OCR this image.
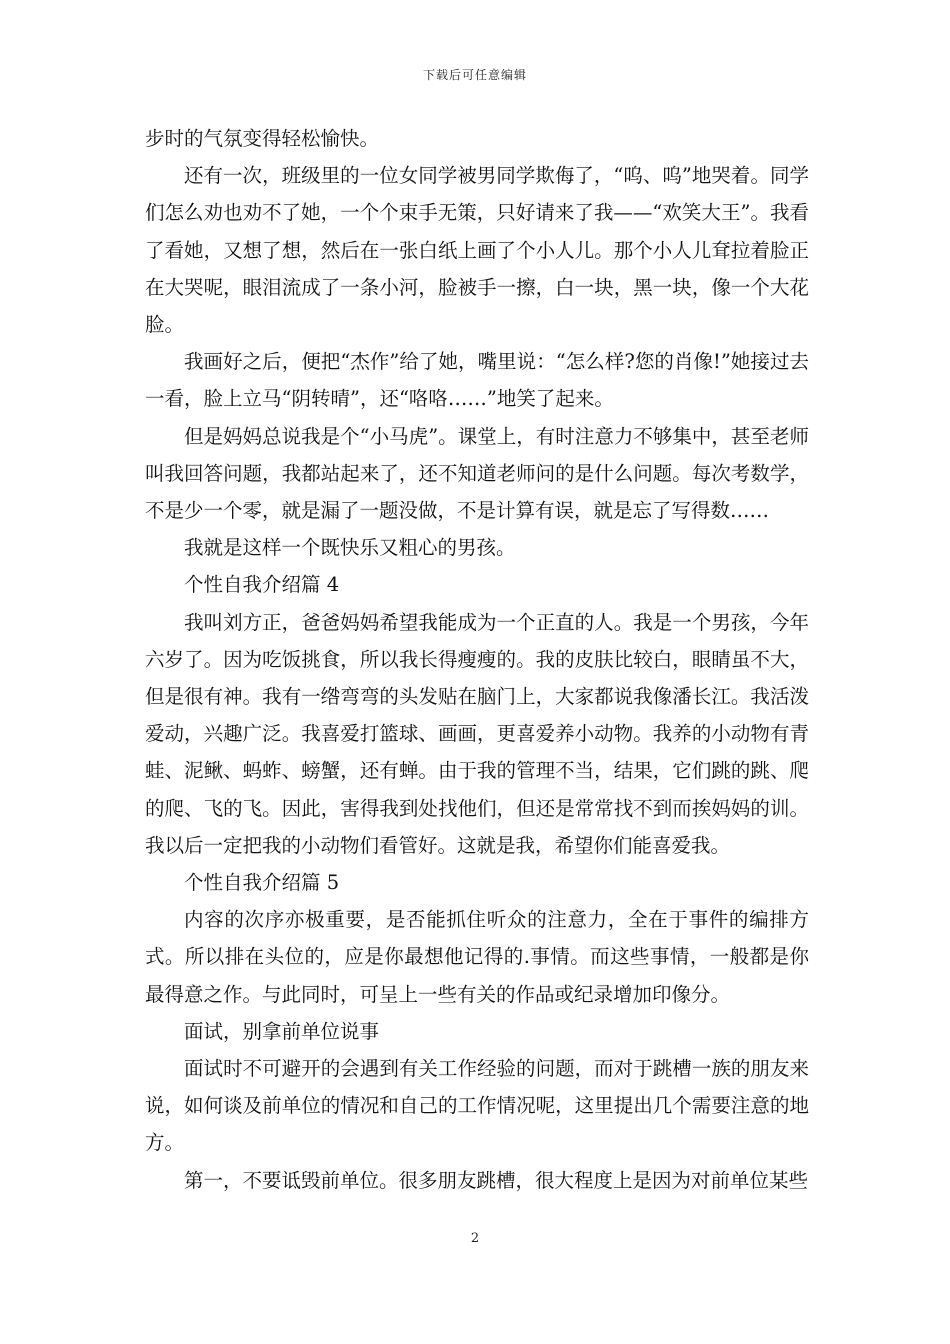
下载后可任意编辑

步时的气氛变得轻松愉快。

还有一次，班级里的一位女同学被男同学欺侮了，“呜、呜”地哭着。同学们怎么劝也劝不了她，一个个束手无策，只好请来了我——“欢笑大王”。我看了看她，又想了想，然后在一张白纸上画了个小人儿。那个小人儿耷拉着脸正在大哭呢，眼泪流成了一条小河，脸被手一擦，白一块，黑一块，像一个大花脸。

我画好之后，便把“杰作”给了她，嘴里说：“怎么样?您的肖像!”她接过去一看，脸上立马“阴转晴”，还“咯咯……”地笑了起来。

但是妈妈总说我是个“小马虎”。课堂上，有时注意力不够集中，甚至老师叫我回答问题，我都站起来了，还不知道老师问的是什么问题。每次考数学，不是少一个零，就是漏了一题没做，不是计算有误，就是忘了写得数……

我就是这样一个既快乐又粗心的男孩。

个性自我介绍篇 4

我叫刘方正，爸爸妈妈希望我能成为一个正直的人。我是一个男孩，今年六岁了。因为吃饭挑食，所以我长得瘦瘦的。我的皮肤比较白，眼睛虽不大，但是很有神。我有一绺弯弯的头发贴在脑门上，大家都说我像潘长江。我活泼爱动，兴趣广泛。我喜爱打篮球、画画，更喜爱养小动物。我养的小动物有青蛙、泥鳅、蚂蚱、螃蟹，还有蝉。由于我的管理不当，结果，它们跳的跳、爬的爬、飞的飞。因此，害得我到处找他们，但还是常常找不到而挨妈妈的训。我以后一定把我的小动物们看管好。这就是我，希望你们能喜爱我。

个性自我介绍篇 5

内容的次序亦极重要，是否能抓住听众的注意力，全在于事件的编排方式。所以排在头位的，应是你最想他记得的.事情。而这些事情，一般都是你最得意之作。与此同时，可呈上一些有关的作品或纪录增加印像分。

面试，别拿前单位说事

面试时不可避开的会遇到有关工作经验的问题，而对于跳槽一族的朋友来说，如何谈及前单位的情况和自己的工作情况呢，这里提出几个需要注意的地方。

第一，不要诋毁前单位。很多朋友跳槽，很大程度上是因为对前单位某些

2
